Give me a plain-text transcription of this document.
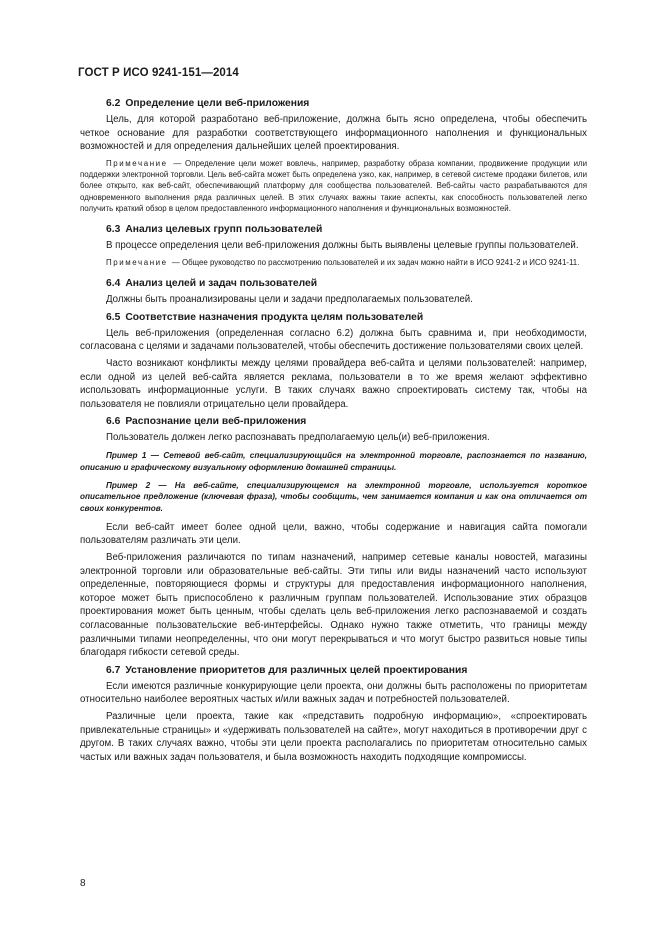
ГОСТ Р ИСО 9241-151—2014
6.2 Определение цели веб-приложения
Цель, для которой разработано веб-приложение, должна быть ясно определена, чтобы обеспечить четкое основание для разработки соответствующего информационного наполнения и функциональных возможностей и для определения дальнейших целей проектирования.
Примечание — Определение цели может вовлечь, например, разработку образа компании, продвижение продукции или поддержки электронной торговли. Цель веб-сайта может быть определена узко, как, например, в сетевой системе продажи билетов, или более открыто, как веб-сайт, обеспечивающий платформу для сообщества пользователей. Веб-сайты часто разрабатываются для одновременного выполнения ряда различных целей. В этих случаях важны такие аспекты, как способность пользователей легко получить краткий обзор в целом предоставленного информационного наполнения и функциональных возможностей.
6.3 Анализ целевых групп пользователей
В процессе определения цели веб-приложения должны быть выявлены целевые группы пользователей.
Примечание — Общее руководство по рассмотрению пользователей и их задач можно найти в ИСО 9241-2 и ИСО 9241-11.
6.4 Анализ целей и задач пользователей
Должны быть проанализированы цели и задачи предполагаемых пользователей.
6.5 Соответствие назначения продукта целям пользователей
Цель веб-приложения (определенная согласно 6.2) должна быть сравнима и, при необходимости, согласована с целями и задачами пользователей, чтобы обеспечить достижение пользователями своих целей.
Часто возникают конфликты между целями провайдера веб-сайта и целями пользователей: например, если одной из целей веб-сайта является реклама, пользователи в то же время желают эффективно использовать информационные услуги. В таких случаях важно спроектировать систему так, чтобы на пользователя не повлияли отрицательно цели провайдера.
6.6 Распознание цели веб-приложения
Пользователь должен легко распознавать предполагаемую цель(и) веб-приложения.
Пример 1 — Сетевой веб-сайт, специализирующийся на электронной торговле, распознается по названию, описанию и графическому визуальному оформлению домашней страницы.
Пример 2 — На веб-сайте, специализирующемся на электронной торговле, используется короткое описательное предложение (ключевая фраза), чтобы сообщить, чем занимается компания и как она отличается от своих конкурентов.
Если веб-сайт имеет более одной цели, важно, чтобы содержание и навигация сайта помогали пользователям различать эти цели.
Веб-приложения различаются по типам назначений, например сетевые каналы новостей, магазины электронной торговли или образовательные веб-сайты. Эти типы или виды назначений часто используют определенные, повторяющиеся формы и структуры для предоставления информационного наполнения, которое может быть приспособлено к различным группам пользователей. Использование этих образцов проектирования может быть ценным, чтобы сделать цель веб-приложения легко распознаваемой и создать согласованные пользовательские веб-интерфейсы. Однако нужно также отметить, что границы между различными типами неопределенны, что они могут перекрываться и что могут быстро развиться новые типы благодаря гибкости сетевой среды.
6.7 Установление приоритетов для различных целей проектирования
Если имеются различные конкурирующие цели проекта, они должны быть расположены по приоритетам относительно наиболее вероятных частых и/или важных задач и потребностей пользователей.
Различные цели проекта, такие как «представить подробную информацию», «спроектировать привлекательные страницы» и «удерживать пользователей на сайте», могут находиться в противоречии друг с другом. В таких случаях важно, чтобы эти цели проекта располагались по приоритетам относительно самых частых или важных задач пользователя, и была возможность находить подходящие компромиссы.
8
